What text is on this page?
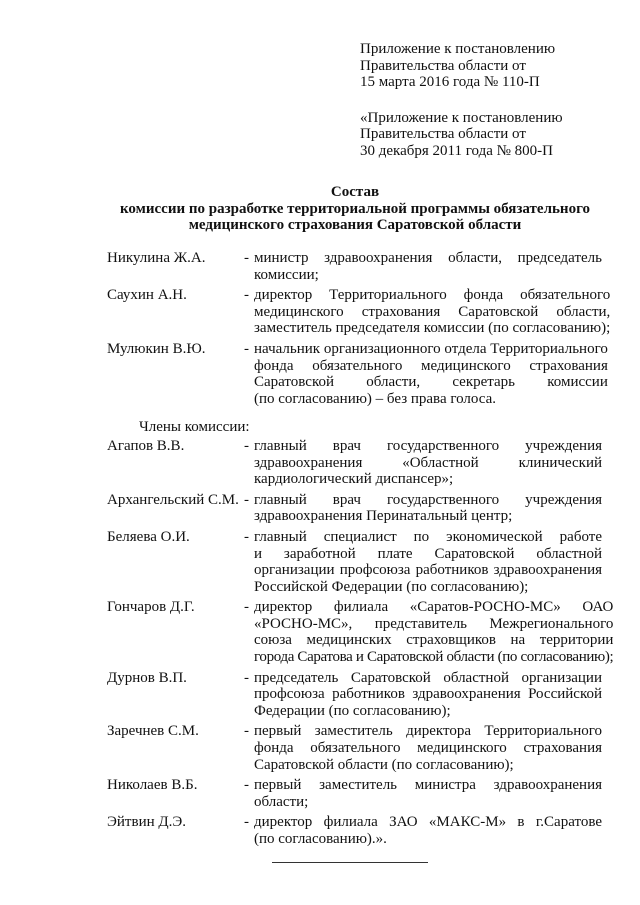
Приложение к постановлению
Правительства области от
15 марта 2016 года № 110-П
«Приложение к постановлению
Правительства области от
30 декабря 2011 года № 800-П
Состав
комиссии по разработке территориальной программы обязательного
медицинского страхования Саратовской области
Никулина Ж.А.	- министр здравоохранения области, председатель
комиссии;
Саухин А.Н.	- директор Территориального фонда обязательного
медицинского страхования Саратовской области,
заместитель председателя комиссии (по согласованию);
Мулюкин В.Ю.	- начальник организационного отдела Территориального
фонда обязательного медицинского страхования
Саратовской области, секретарь комиссии
(по согласованию) – без права голоса.
Члены комиссии:
Агапов В.В.	- главный врач государственного учреждения
здравоохранения «Областной клинический
кардиологический диспансер»;
Архангельский С.М. - главный врач государственного учреждения
здравоохранения Перинатальный центр;
Беляева О.И.	- главный специалист по экономической работе
и заработной плате Саратовской областной
организации профсоюза работников здравоохранения
Российской Федерации (по согласованию);
Гончаров Д.Г.	- директор филиала «Саратов-РОСНО-МС» ОАО
«РОСНО-МС», представитель Межрегионального
союза медицинских страховщиков на территории
города Саратова и Саратовской области (по согласованию);
Дурнов В.П.	- председатель Саратовской областной организации
профсоюза работников здравоохранения Российской
Федерации (по согласованию);
Заречнев С.М.	- первый заместитель директора Территориального
фонда обязательного медицинского страхования
Саратовской области (по согласованию);
Николаев В.Б.	- первый заместитель министра здравоохранения
области;
Эйтвин Д.Э.	- директор филиала ЗАО «МАКС-М» в г.Саратове
(по согласованию).».
